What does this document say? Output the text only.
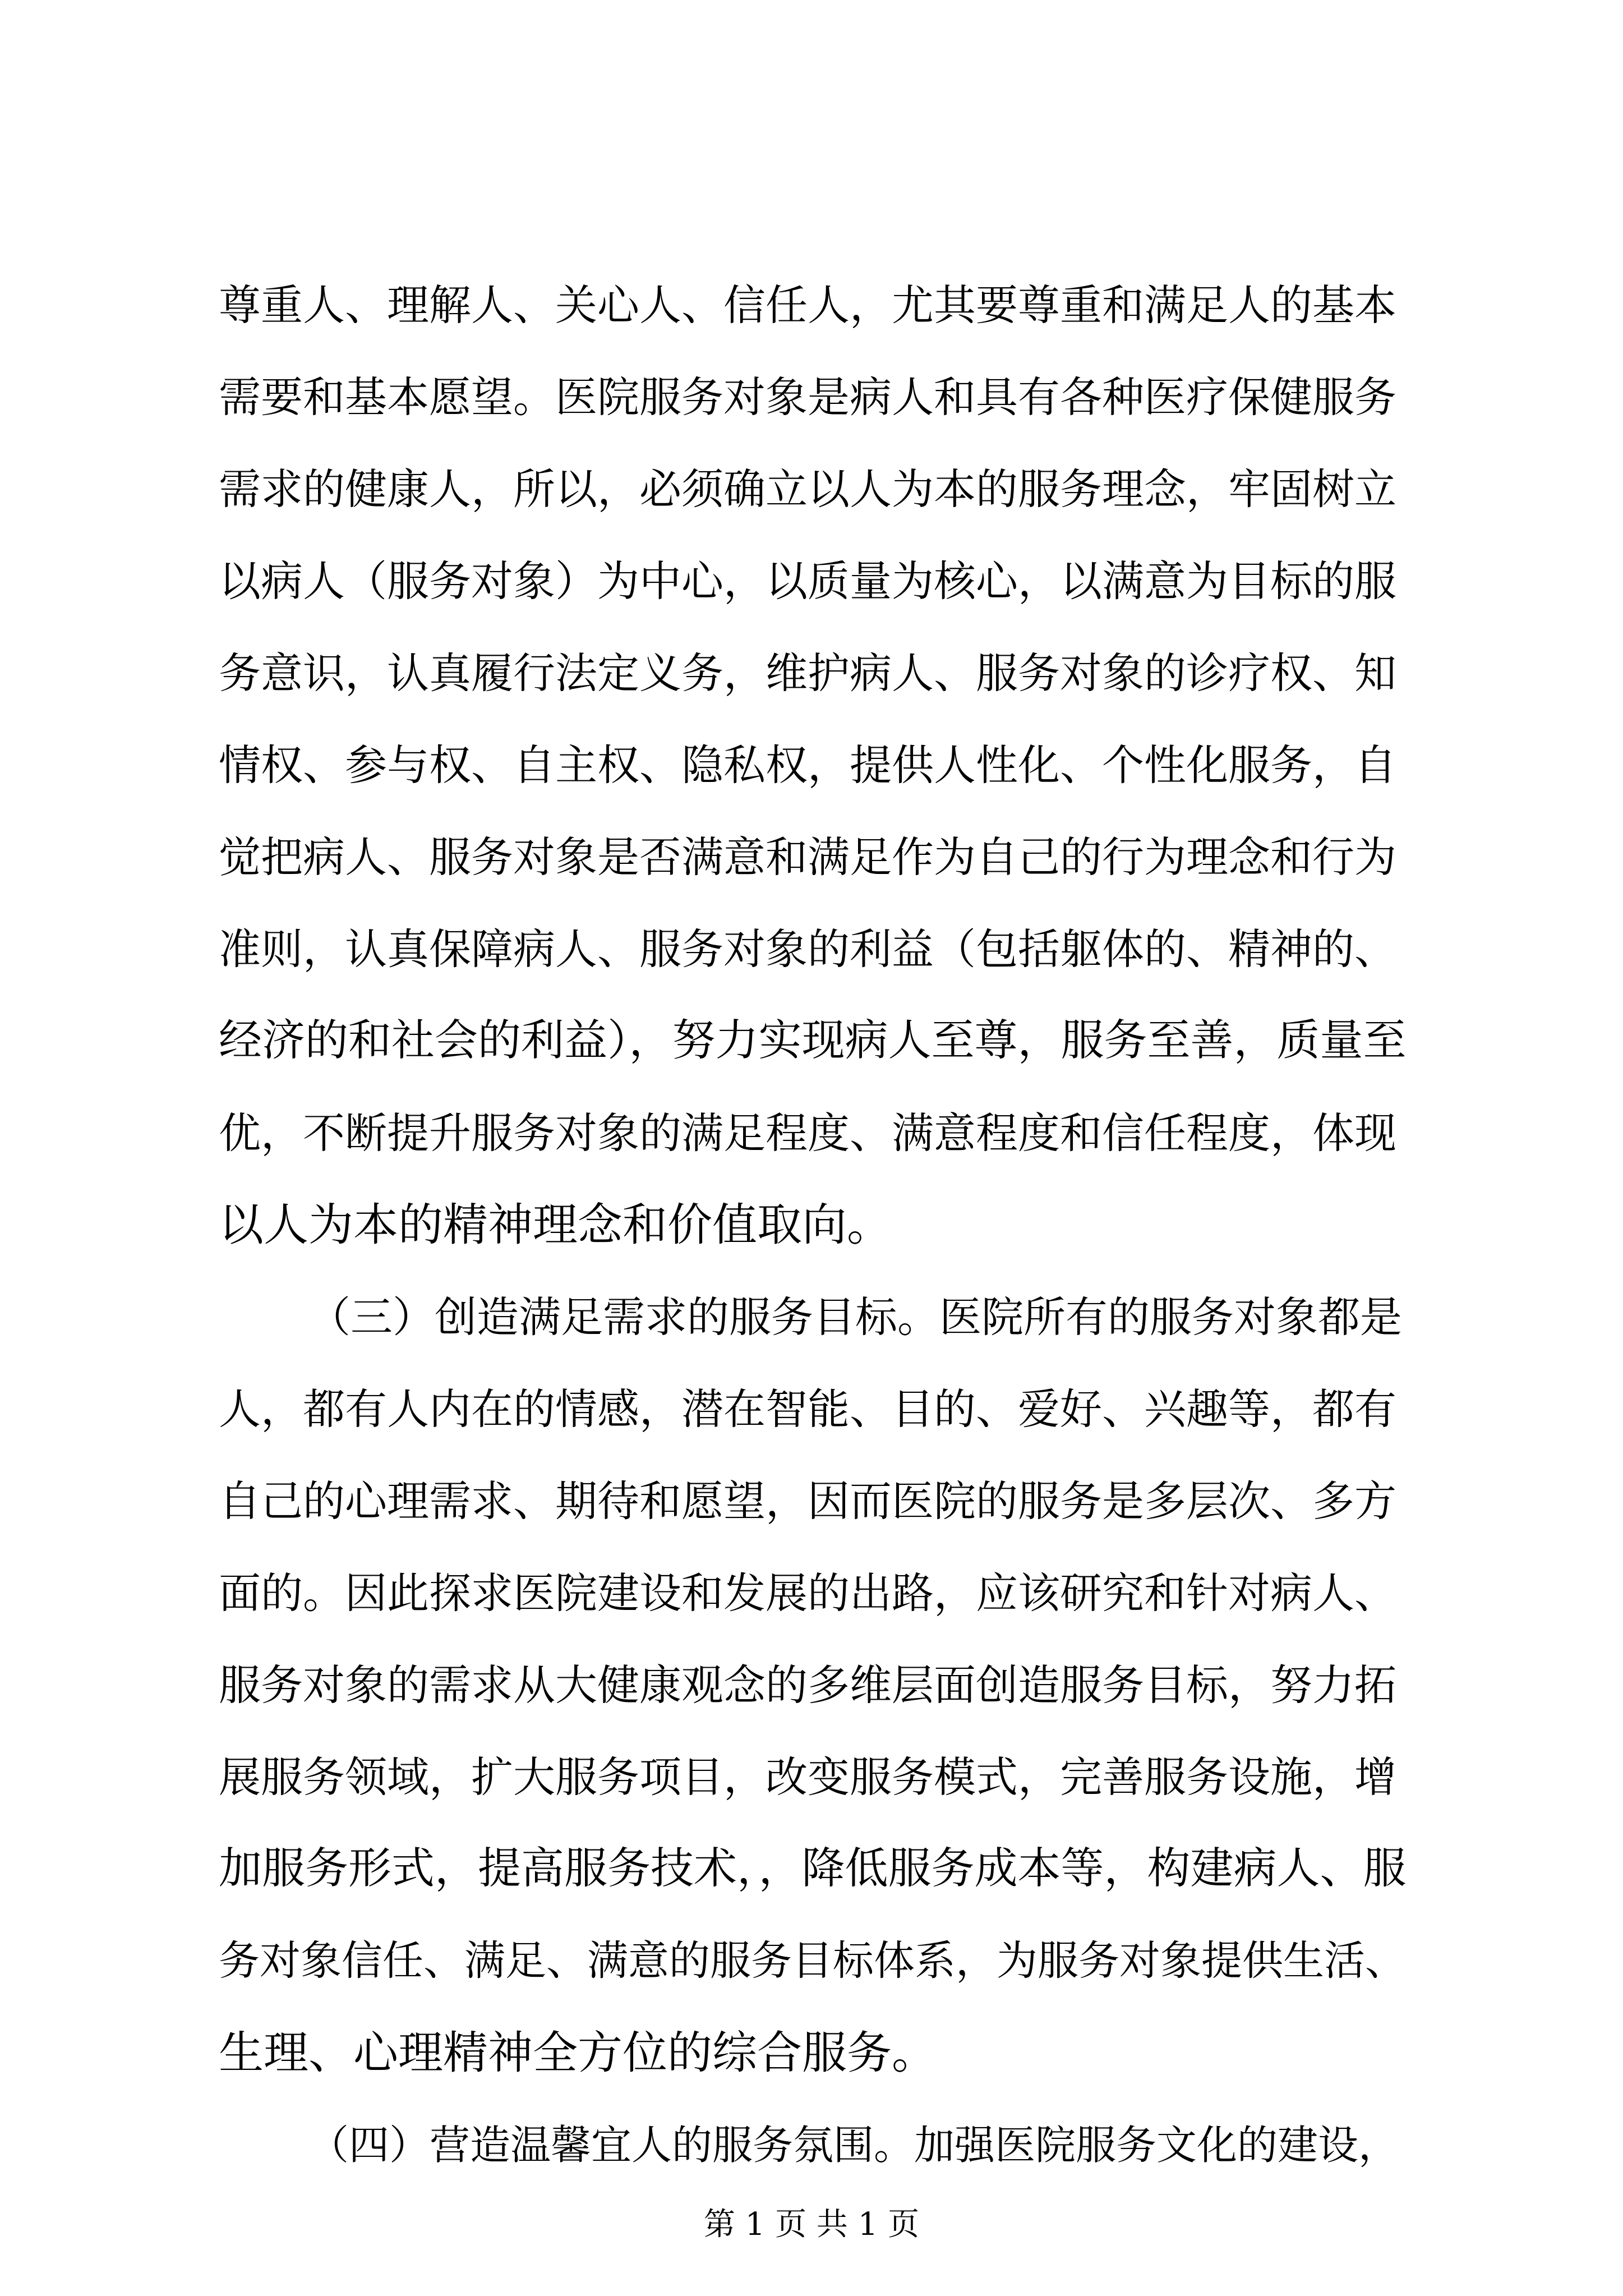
尊重人、理解人、关心人、信任人，尤其要尊重和满足人的基本
需要和基本愿望。医院服务对象是病人和具有各种医疗保健服务
需求的健康人，所以，必须确立以人为本的服务理念，牢固树立
以病人（服务对象）为中心，以质量为核心，以满意为目标的服
务意识，认真履行法定义务，维护病人、服务对象的诊疗权、知
情权、参与权、自主权、隐私权，提供人性化、个性化服务，自
觉把病人、服务对象是否满意和满足作为自己的行为理念和行为
准则，认真保障病人、服务对象的利益（包括躯体的、精神的、
经济的和社会的利益），努力实现病人至尊，服务至善，质量至
优，不断提升服务对象的满足程度、满意程度和信任程度，体现
以人为本的精神理念和价值取向。
（三）创造满足需求的服务目标。医院所有的服务对象都是
人，都有人内在的情感，潜在智能、目的、爱好、兴趣等，都有
自己的心理需求、期待和愿望，因而医院的服务是多层次、多方
面的。因此探求医院建设和发展的出路，应该研究和针对病人、
服务对象的需求从大健康观念的多维层面创造服务目标，努力拓
展服务领域，扩大服务项目，改变服务模式，完善服务设施，增
加服务形式，提高服务技术，，降低服务成本等，构建病人、服
务对象信任、满足、满意的服务目标体系，为服务对象提供生活、
生理、心理精神全方位的综合服务。
（四）营造温馨宜人的服务氛围。加强医院服务文化的建设，
第 1 页 共 1 页
